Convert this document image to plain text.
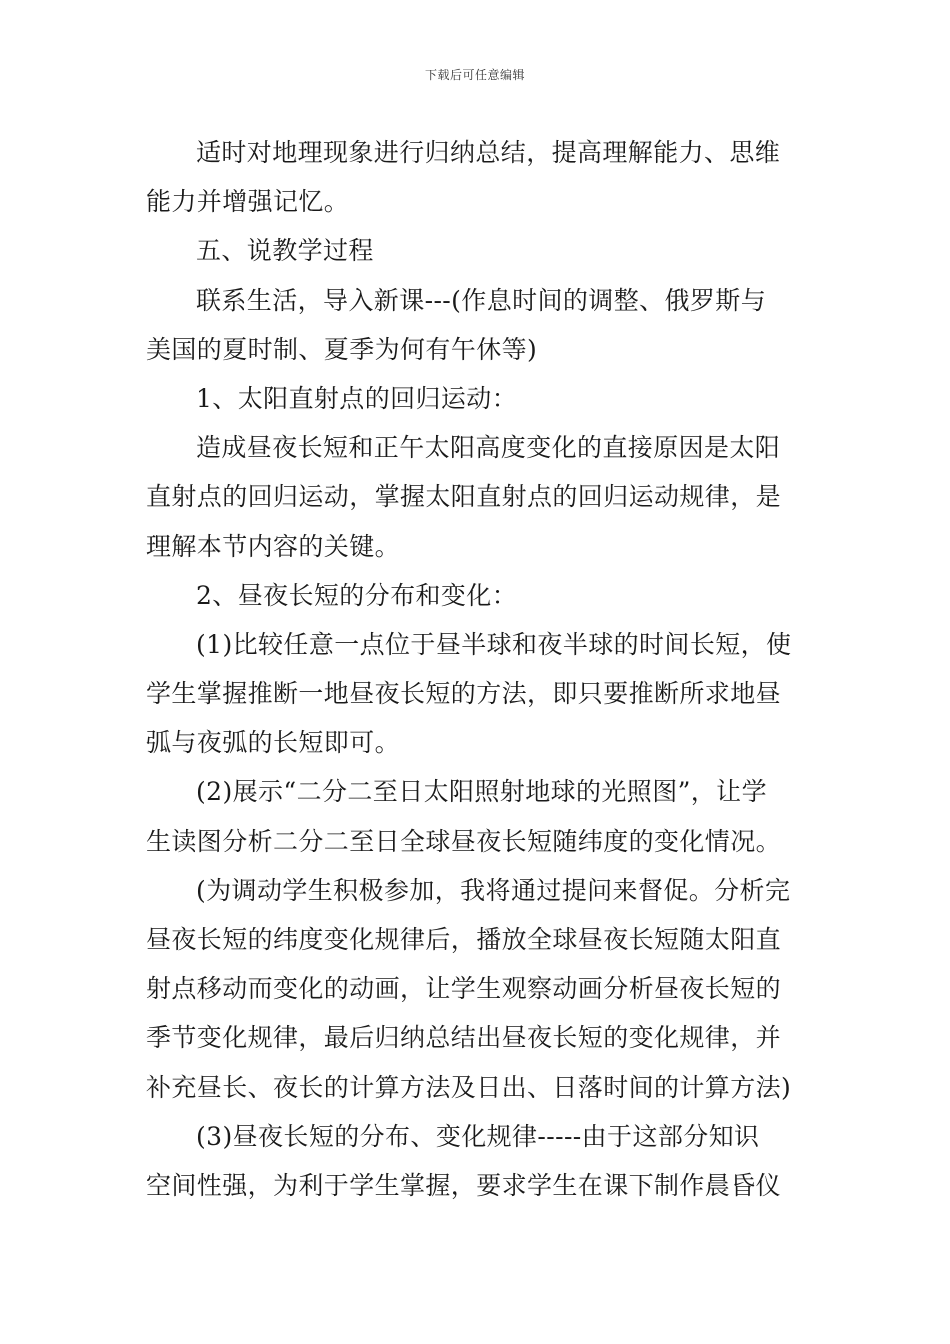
下载后可任意编辑
适时对地理现象进行归纳总结，提高理解能力、思维
能力并增强记忆。
五、说教学过程
联系生活，导入新课---(作息时间的调整、俄罗斯与
美国的夏时制、夏季为何有午休等)
1、太阳直射点的回归运动：
造成昼夜长短和正午太阳高度变化的直接原因是太阳
直射点的回归运动，掌握太阳直射点的回归运动规律，是
理解本节内容的关键。
2、昼夜长短的分布和变化：
(1)比较任意一点位于昼半球和夜半球的时间长短，使
学生掌握推断一地昼夜长短的方法，即只要推断所求地昼
弧与夜弧的长短即可。
(2)展示“二分二至日太阳照射地球的光照图”，让学
生读图分析二分二至日全球昼夜长短随纬度的变化情况。
(为调动学生积极参加，我将通过提问来督促。分析完
昼夜长短的纬度变化规律后，播放全球昼夜长短随太阳直
射点移动而变化的动画，让学生观察动画分析昼夜长短的
季节变化规律，最后归纳总结出昼夜长短的变化规律，并
补充昼长、夜长的计算方法及日出、日落时间的计算方法)
(3)昼夜长短的分布、变化规律-----由于这部分知识
空间性强，为利于学生掌握，要求学生在课下制作晨昏仪
